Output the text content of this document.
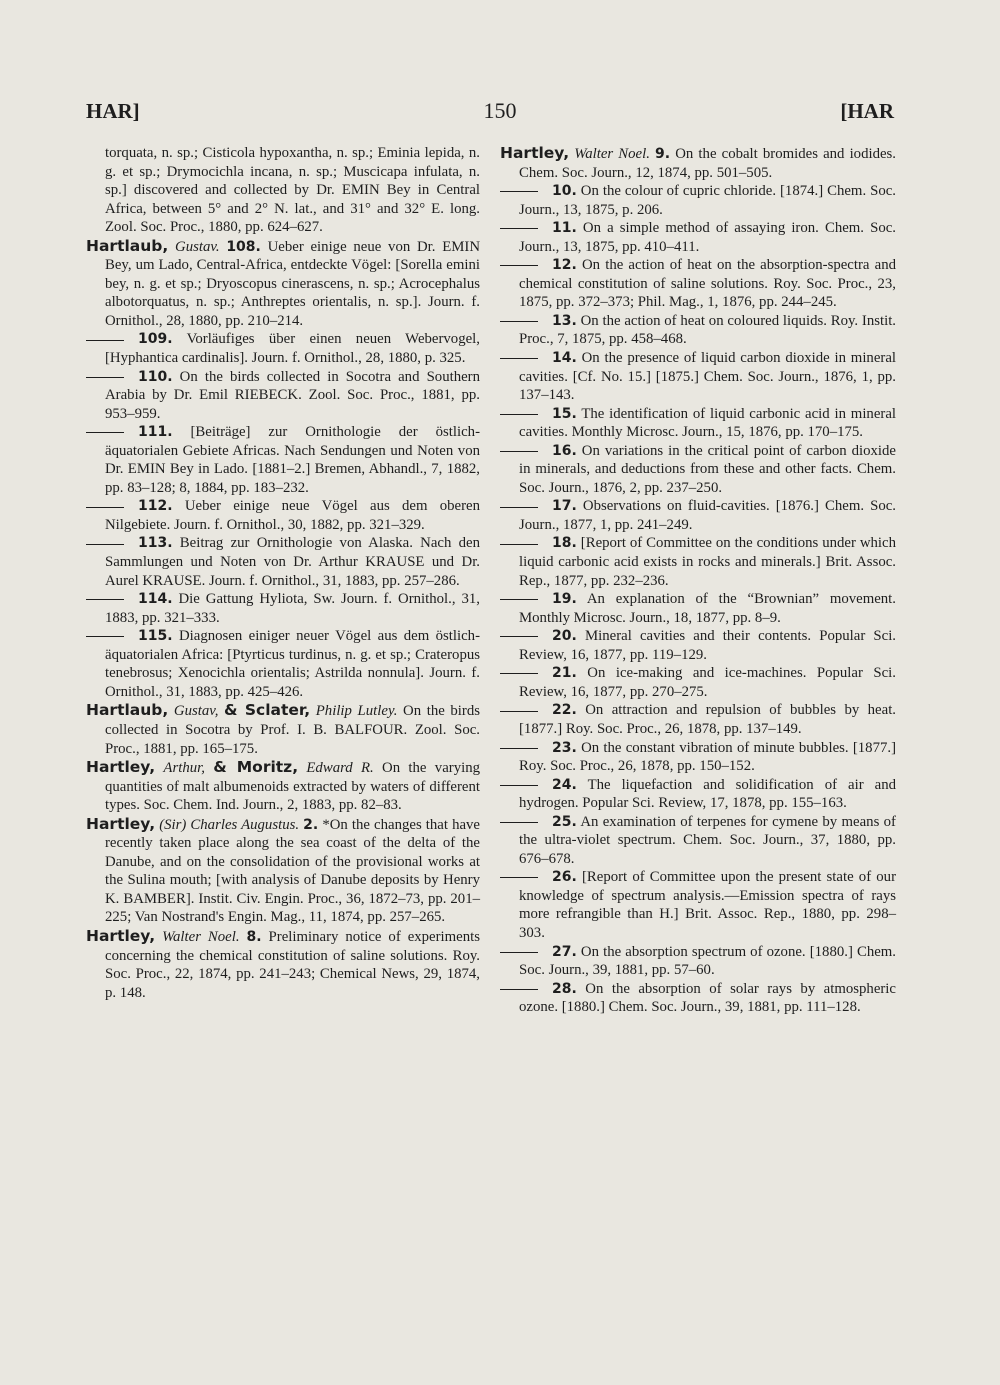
HAR]	150	[HAR

torquata, n. sp.; Cisticola hypoxantha, n. sp.; Eminia lepida, n. g. et sp.; Drymocichla incana, n. sp.; Muscicapa infulata, n. sp.] discovered and collected by Dr. EMIN Bey in Central Africa, between 5° and 2° N. lat., and 31° and 32° E. long. Zool. Soc. Proc., 1880, pp. 624–627.

Hartlaub, Gustav. 108. Ueber einige neue von Dr. EMIN Bey, um Lado, Central-Africa, entdeckte Vögel: [Sorella emini bey, n. g. et sp.; Dryoscopus cinerascens, n. sp.; Acrocephalus albotorquatus, n. sp.; Anthreptes orientalis, n. sp.]. Journ. f. Ornithol., 28, 1880, pp. 210–214.

109. Vorläufiges über einen neuen Webervogel, [Hyphantica cardinalis]. Journ. f. Ornithol., 28, 1880, p. 325.

110. On the birds collected in Socotra and Southern Arabia by Dr. Emil RIEBECK. Zool. Soc. Proc., 1881, pp. 953–959.

111. [Beiträge] zur Ornithologie der östlich-äquatorialen Gebiete Africas. Nach Sendungen und Noten von Dr. EMIN Bey in Lado. [1881–2.] Bremen, Abhandl., 7, 1882, pp. 83–128; 8, 1884, pp. 183–232.

112. Ueber einige neue Vögel aus dem oberen Nilgebiete. Journ. f. Ornithol., 30, 1882, pp. 321–329.

113. Beitrag zur Ornithologie von Alaska. Nach den Sammlungen und Noten von Dr. Arthur KRAUSE und Dr. Aurel KRAUSE. Journ. f. Ornithol., 31, 1883, pp. 257–286.

114. Die Gattung Hyliota, Sw. Journ. f. Ornithol., 31, 1883, pp. 321–333.

115. Diagnosen einiger neuer Vögel aus dem östlich-äquatorialen Africa: [Ptyrticus turdinus, n. g. et sp.; Crateropus tenebrosus; Xenocichla orientalis; Astrilda nonnula]. Journ. f. Ornithol., 31, 1883, pp. 425–426.

Hartlaub, Gustav, & Sclater, Philip Lutley. On the birds collected in Socotra by Prof. I. B. BALFOUR. Zool. Soc. Proc., 1881, pp. 165–175.

Hartley, Arthur, & Moritz, Edward R. On the varying quantities of malt albumenoids extracted by waters of different types. Soc. Chem. Ind. Journ., 2, 1883, pp. 82–83.

Hartley, (Sir) Charles Augustus. 2. *On the changes that have recently taken place along the sea coast of the delta of the Danube, and on the consolidation of the provisional works at the Sulina mouth; [with analysis of Danube deposits by Henry K. BAMBER]. Instit. Civ. Engin. Proc., 36, 1872–73, pp. 201–225; Van Nostrand's Engin. Mag., 11, 1874, pp. 257–265.

Hartley, Walter Noel. 8. Preliminary notice of experiments concerning the chemical constitution of saline solutions. Roy. Soc. Proc., 22, 1874, pp. 241–243; Chemical News, 29, 1874, p. 148.

Hartley, Walter Noel. 9. On the cobalt bromides and iodides. Chem. Soc. Journ., 12, 1874, pp. 501–505.

10. On the colour of cupric chloride. [1874.] Chem. Soc. Journ., 13, 1875, p. 206.

11. On a simple method of assaying iron. Chem. Soc. Journ., 13, 1875, pp. 410–411.

12. On the action of heat on the absorption-spectra and chemical constitution of saline solutions. Roy. Soc. Proc., 23, 1875, pp. 372–373; Phil. Mag., 1, 1876, pp. 244–245.

13. On the action of heat on coloured liquids. Roy. Instit. Proc., 7, 1875, pp. 458–468.

14. On the presence of liquid carbon dioxide in mineral cavities. [Cf. No. 15.] [1875.] Chem. Soc. Journ., 1876, 1, pp. 137–143.

15. The identification of liquid carbonic acid in mineral cavities. Monthly Microsc. Journ., 15, 1876, pp. 170–175.

16. On variations in the critical point of carbon dioxide in minerals, and deductions from these and other facts. Chem. Soc. Journ., 1876, 2, pp. 237–250.

17. Observations on fluid-cavities. [1876.] Chem. Soc. Journ., 1877, 1, pp. 241–249.

18. [Report of Committee on the conditions under which liquid carbonic acid exists in rocks and minerals.] Brit. Assoc. Rep., 1877, pp. 232–236.

19. An explanation of the “Brownian” movement. Monthly Microsc. Journ., 18, 1877, pp. 8–9.

20. Mineral cavities and their contents. Popular Sci. Review, 16, 1877, pp. 119–129.

21. On ice-making and ice-machines. Popular Sci. Review, 16, 1877, pp. 270–275.

22. On attraction and repulsion of bubbles by heat. [1877.] Roy. Soc. Proc., 26, 1878, pp. 137–149.

23. On the constant vibration of minute bubbles. [1877.] Roy. Soc. Proc., 26, 1878, pp. 150–152.

24. The liquefaction and solidification of air and hydrogen. Popular Sci. Review, 17, 1878, pp. 155–163.

25. An examination of terpenes for cymene by means of the ultra-violet spectrum. Chem. Soc. Journ., 37, 1880, pp. 676–678.

26. [Report of Committee upon the present state of our knowledge of spectrum analysis.—Emission spectra of rays more refrangible than H.] Brit. Assoc. Rep., 1880, pp. 298–303.

27. On the absorption spectrum of ozone. [1880.] Chem. Soc. Journ., 39, 1881, pp. 57–60.

28. On the absorption of solar rays by atmospheric ozone. [1880.] Chem. Soc. Journ., 39, 1881, pp. 111–128.
